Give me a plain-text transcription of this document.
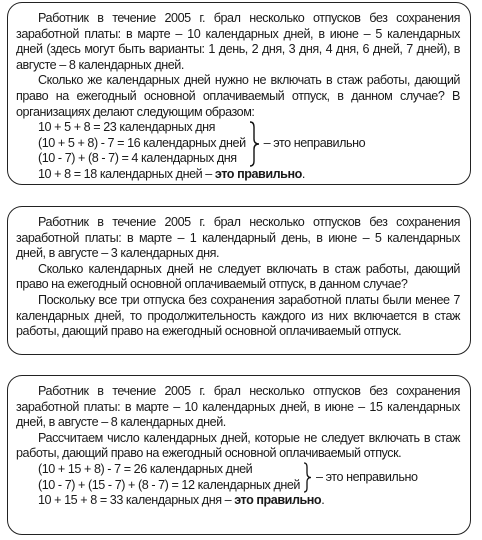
Работник в течение 2005 г. брал несколько отпусков без сохранения заработной платы: в марте – 10 календарных дней, в июне – 5 календарных дней (здесь могут быть варианты: 1 день, 2 дня, 3 дня, 4 дня, 6 дней, 7 дней), в августе – 8 календарных дней.

Сколько же календарных дней нужно не включать в стаж работы, дающий право на ежегодный основной оплачиваемый отпуск, в данном случае? В организациях делают следующим образом:

10 + 5 + 8 = 23 календарных дня
(10 + 5 + 8) - 7 = 16 календарных дней
(10 - 7) + (8 - 7) = 4 календарных дня
– это неправильно
10 + 8 = 18 календарных дней – это правильно.

Работник в течение 2005 г. брал несколько отпусков без сохранения заработной платы: в марте – 1 календарный день, в июне – 5 календарных дней, в августе – 3 календарных дня.

Сколько календарных дней не следует включать в стаж работы, дающий право на ежегодный основной оплачиваемый отпуск, в данном случае?

Поскольку все три отпуска без сохранения заработной платы были менее 7 календарных дней, то продолжительность каждого из них включается в стаж работы, дающий право на ежегодный основной оплачиваемый отпуск.

Работник в течение 2005 г. брал несколько отпусков без сохранения заработной платы: в марте – 10 календарных дней, в июне – 15 календарных дней, в августе – 8 календарных дней.

Рассчитаем число календарных дней, которые не следует включать в стаж работы, дающий право на ежегодный основной оплачиваемый отпуск.

(10 + 15 + 8) - 7 = 26 календарных дней
(10 - 7) + (15 - 7) + (8 - 7) = 12 календарных дней
– это неправильно
10 + 15 + 8 = 33 календарных дня – это правильно.
